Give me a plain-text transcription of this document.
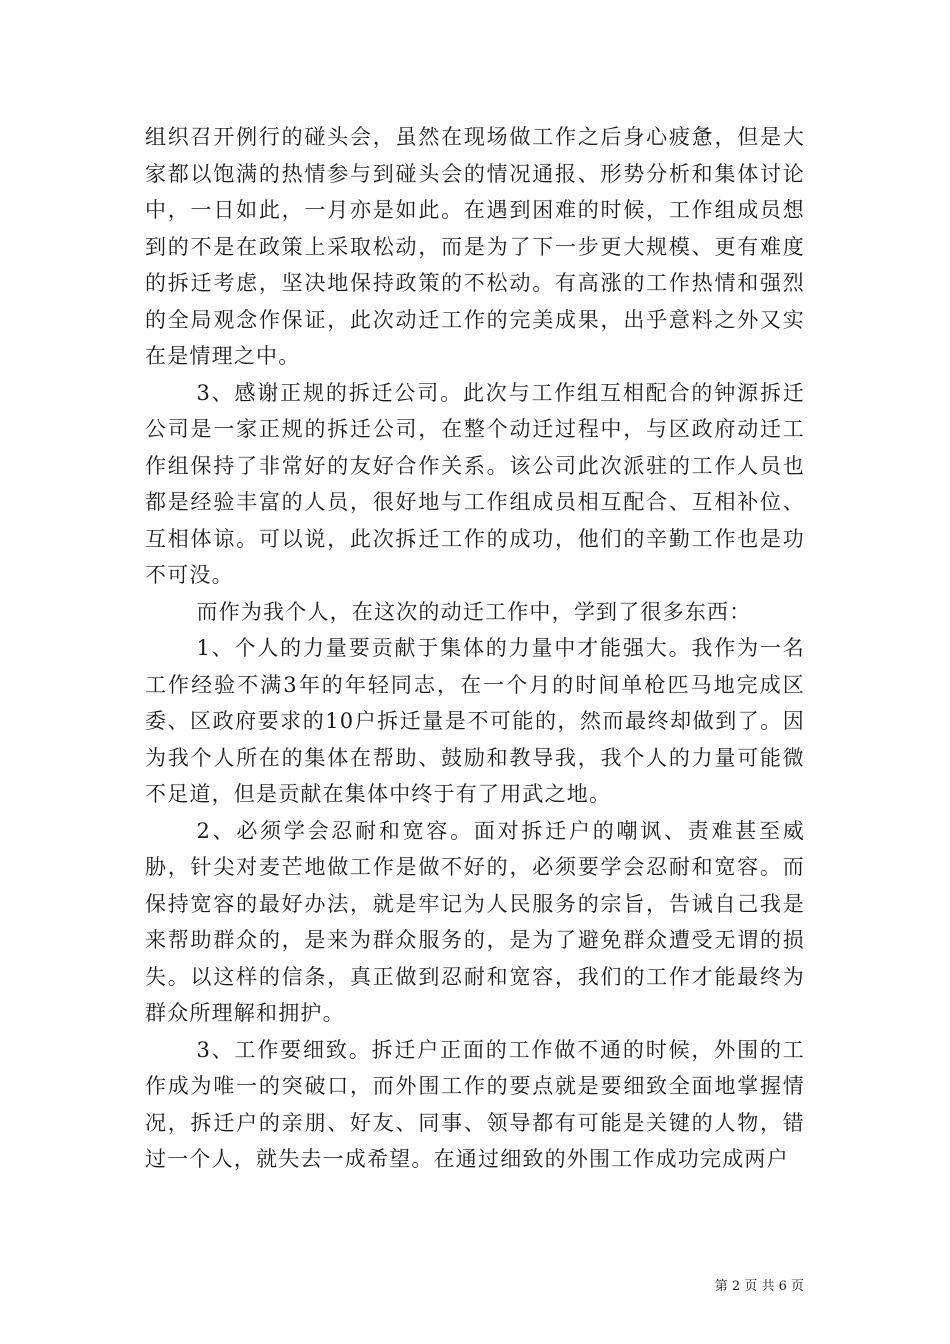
组织召开例行的碰头会，虽然在现场做工作之后身心疲惫，但是大家都以饱满的热情参与到碰头会的情况通报、形势分析和集体讨论中，一日如此，一月亦是如此。在遇到困难的时候，工作组成员想到的不是在政策上采取松动，而是为了下一步更大规模、更有难度的拆迁考虑，坚决地保持政策的不松动。有高涨的工作热情和强烈的全局观念作保证，此次动迁工作的完美成果，出乎意料之外又实在是情理之中。

3、感谢正规的拆迁公司。此次与工作组互相配合的钟源拆迁公司是一家正规的拆迁公司，在整个动迁过程中，与区政府动迁工作组保持了非常好的友好合作关系。该公司此次派驻的工作人员也都是经验丰富的人员，很好地与工作组成员相互配合、互相补位、互相体谅。可以说，此次拆迁工作的成功，他们的辛勤工作也是功不可没。

而作为我个人，在这次的动迁工作中，学到了很多东西：

1、个人的力量要贡献于集体的力量中才能强大。我作为一名工作经验不满3年的年轻同志，在一个月的时间单枪匹马地完成区委、区政府要求的10户拆迁量是不可能的，然而最终却做到了。因为我个人所在的集体在帮助、鼓励和教导我，我个人的力量可能微不足道，但是贡献在集体中终于有了用武之地。

2、必须学会忍耐和宽容。面对拆迁户的嘲讽、责难甚至威胁，针尖对麦芒地做工作是做不好的，必须要学会忍耐和宽容。而保持宽容的最好办法，就是牢记为人民服务的宗旨，告诫自己我是来帮助群众的，是来为群众服务的，是为了避免群众遭受无谓的损失。以这样的信条，真正做到忍耐和宽容，我们的工作才能最终为群众所理解和拥护。

3、工作要细致。拆迁户正面的工作做不通的时候，外围的工作成为唯一的突破口，而外围工作的要点就是要细致全面地掌握情况，拆迁户的亲朋、好友、同事、领导都有可能是关键的人物，错过一个人，就失去一成希望。在通过细致的外围工作成功完成两户

第 2 页 共 6 页
